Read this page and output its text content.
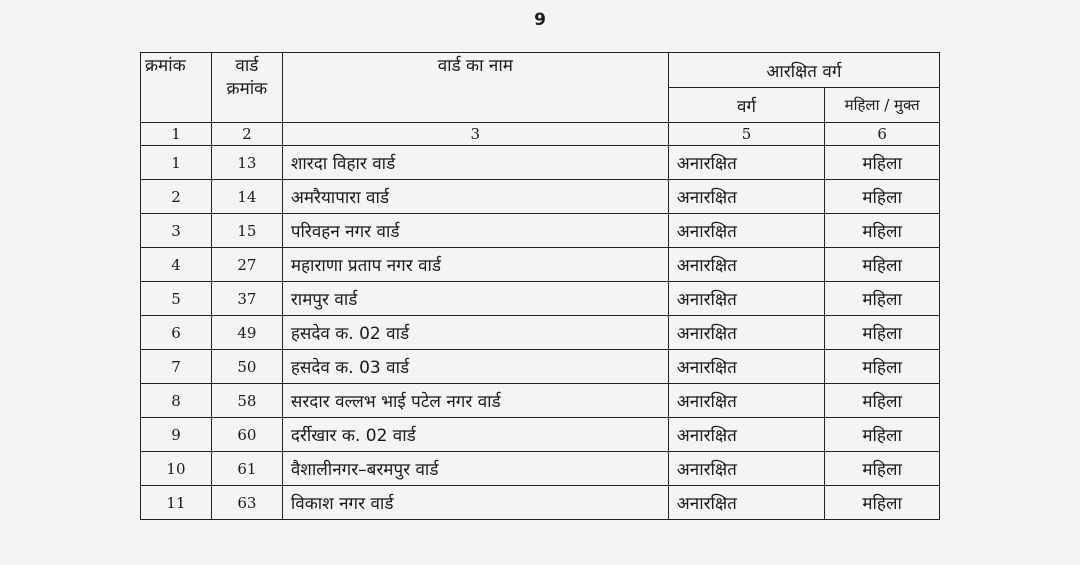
9
क्रमांक	वार्ड क्रमांक	वार्ड का नाम	आरक्षित वर्ग	
			वर्ग	महिला / मुक्त
1	2	3	5	6
1	13	शारदा विहार वार्ड	अनारक्षित	महिला
2	14	अमरैयापारा वार्ड	अनारक्षित	महिला
3	15	परिवहन नगर वार्ड	अनारक्षित	महिला
4	27	महाराणा प्रताप नगर वार्ड	अनारक्षित	महिला
5	37	रामपुर वार्ड	अनारक्षित	महिला
6	49	हसदेव क. 02 वार्ड	अनारक्षित	महिला
7	50	हसदेव क. 03 वार्ड	अनारक्षित	महिला
8	58	सरदार वल्लभ भाई पटेल नगर वार्ड	अनारक्षित	महिला
9	60	दर्रीखार क. 02 वार्ड	अनारक्षित	महिला
10	61	वैशालीनगर–बरमपुर वार्ड	अनारक्षित	महिला
11	63	विकाश नगर वार्ड	अनारक्षित	महिला
